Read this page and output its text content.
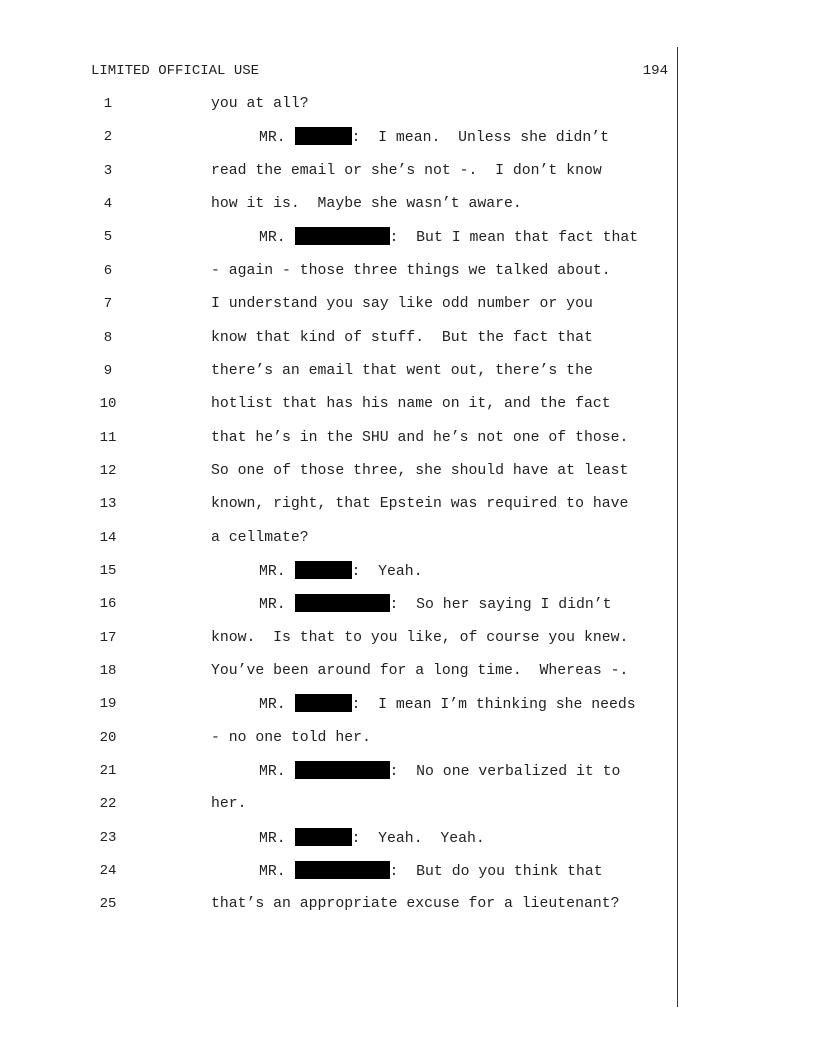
LIMITED OFFICIAL USE	194
1	you at all?
2	MR.	:  I mean.  Unless she didn’t
3	read the email or she’s not -.  I don’t know
4	how it is.  Maybe she wasn’t aware.
5	MR.	:  But I mean that fact that
6	- again - those three things we talked about.
7	I understand you say like odd number or you
8	know that kind of stuff.  But the fact that
9	there’s an email that went out, there’s the
10	hotlist that has his name on it, and the fact
11	that he’s in the SHU and he’s not one of those.
12	So one of those three, she should have at least
13	known, right, that Epstein was required to have
14	a cellmate?
15	MR.	:  Yeah.
16	MR.	:  So her saying I didn’t
17	know.  Is that to you like, of course you knew.
18	You’ve been around for a long time.  Whereas -.
19	MR.	:  I mean I’m thinking she needs
20	- no one told her.
21	MR.	:  No one verbalized it to
22	her.
23	MR.	:  Yeah.  Yeah.
24	MR.	:  But do you think that
25	that’s an appropriate excuse for a lieutenant?
